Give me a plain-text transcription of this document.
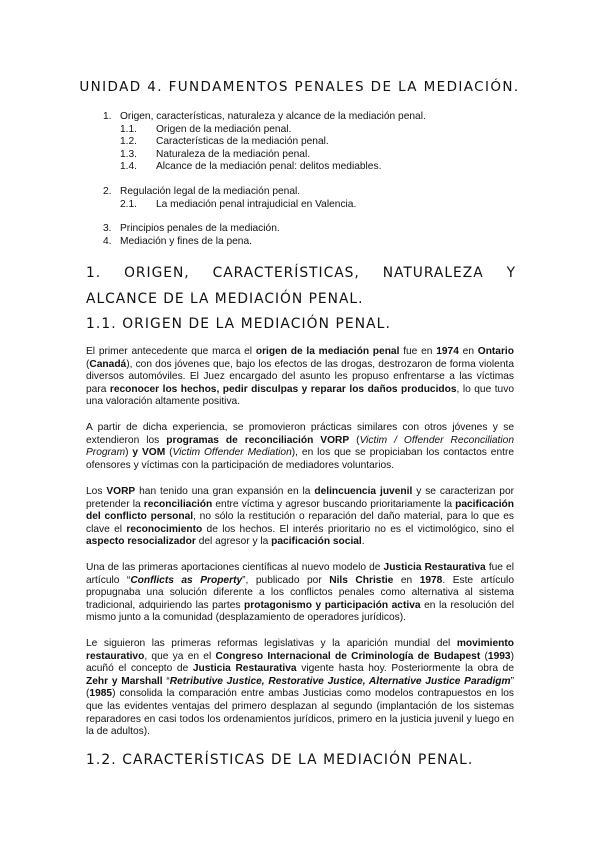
UNIDAD 4. FUNDAMENTOS PENALES DE LA MEDIACIÓN.
1. Origen, características, naturaleza y alcance de la mediación penal.
1.1. Origen de la mediación penal.
1.2. Características de la mediación penal.
1.3. Naturaleza de la mediación penal.
1.4. Alcance de la mediación penal: delitos mediables.
2. Regulación legal de la mediación penal.
2.1. La mediación penal intrajudicial en Valencia.
3. Principios penales de la mediación.
4. Mediación y fines de la pena.
1. ORIGEN, CARACTERÍSTICAS, NATURALEZA Y ALCANCE DE LA MEDIACIÓN PENAL.
1.1. ORIGEN DE LA MEDIACIÓN PENAL.
El primer antecedente que marca el origen de la mediación penal fue en 1974 en Ontario (Canadá), con dos jóvenes que, bajo los efectos de las drogas, destrozaron de forma violenta diversos automóviles. El Juez encargado del asunto les propuso enfrentarse a las víctimas para reconocer los hechos, pedir disculpas y reparar los daños producidos, lo que tuvo una valoración altamente positiva.
A partir de dicha experiencia, se promovieron prácticas similares con otros jóvenes y se extendieron los programas de reconciliación VORP (Victim / Offender Reconciliation Program) y VOM (Victim Offender Mediation), en los que se propiciaban los contactos entre ofensores y víctimas con la participación de mediadores voluntarios.
Los VORP han tenido una gran expansión en la delincuencia juvenil y se caracterizan por pretender la reconciliación entre víctima y agresor buscando prioritariamente la pacificación del conflicto personal, no sólo la restitución o reparación del daño material, para lo que es clave el reconocimiento de los hechos. El interés prioritario no es el victimológico, sino el aspecto resocializador del agresor y la pacificación social.
Una de las primeras aportaciones científicas al nuevo modelo de Justicia Restaurativa fue el artículo “Conflicts as Property”, publicado por Nils Christie en 1978. Este artículo propugnaba una solución diferente a los conflictos penales como alternativa al sistema tradicional, adquiriendo las partes protagonismo y participación activa en la resolución del mismo junto a la comunidad (desplazamiento de operadores jurídicos).
Le siguieron las primeras reformas legislativas y la aparición mundial del movimiento restaurativo, que ya en el Congreso Internacional de Criminología de Budapest (1993) acuñó el concepto de Justicia Restaurativa vigente hasta hoy. Posteriormente la obra de Zehr y Marshall “Retributive Justice, Restorative Justice, Alternative Justice Paradigm” (1985) consolida la comparación entre ambas Justicias como modelos contrapuestos en los que las evidentes ventajas del primero desplazan al segundo (implantación de los sistemas reparadores en casi todos los ordenamientos jurídicos, primero en la justicia juvenil y luego en la de adultos).
1.2. CARACTERÍSTICAS DE LA MEDIACIÓN PENAL.
